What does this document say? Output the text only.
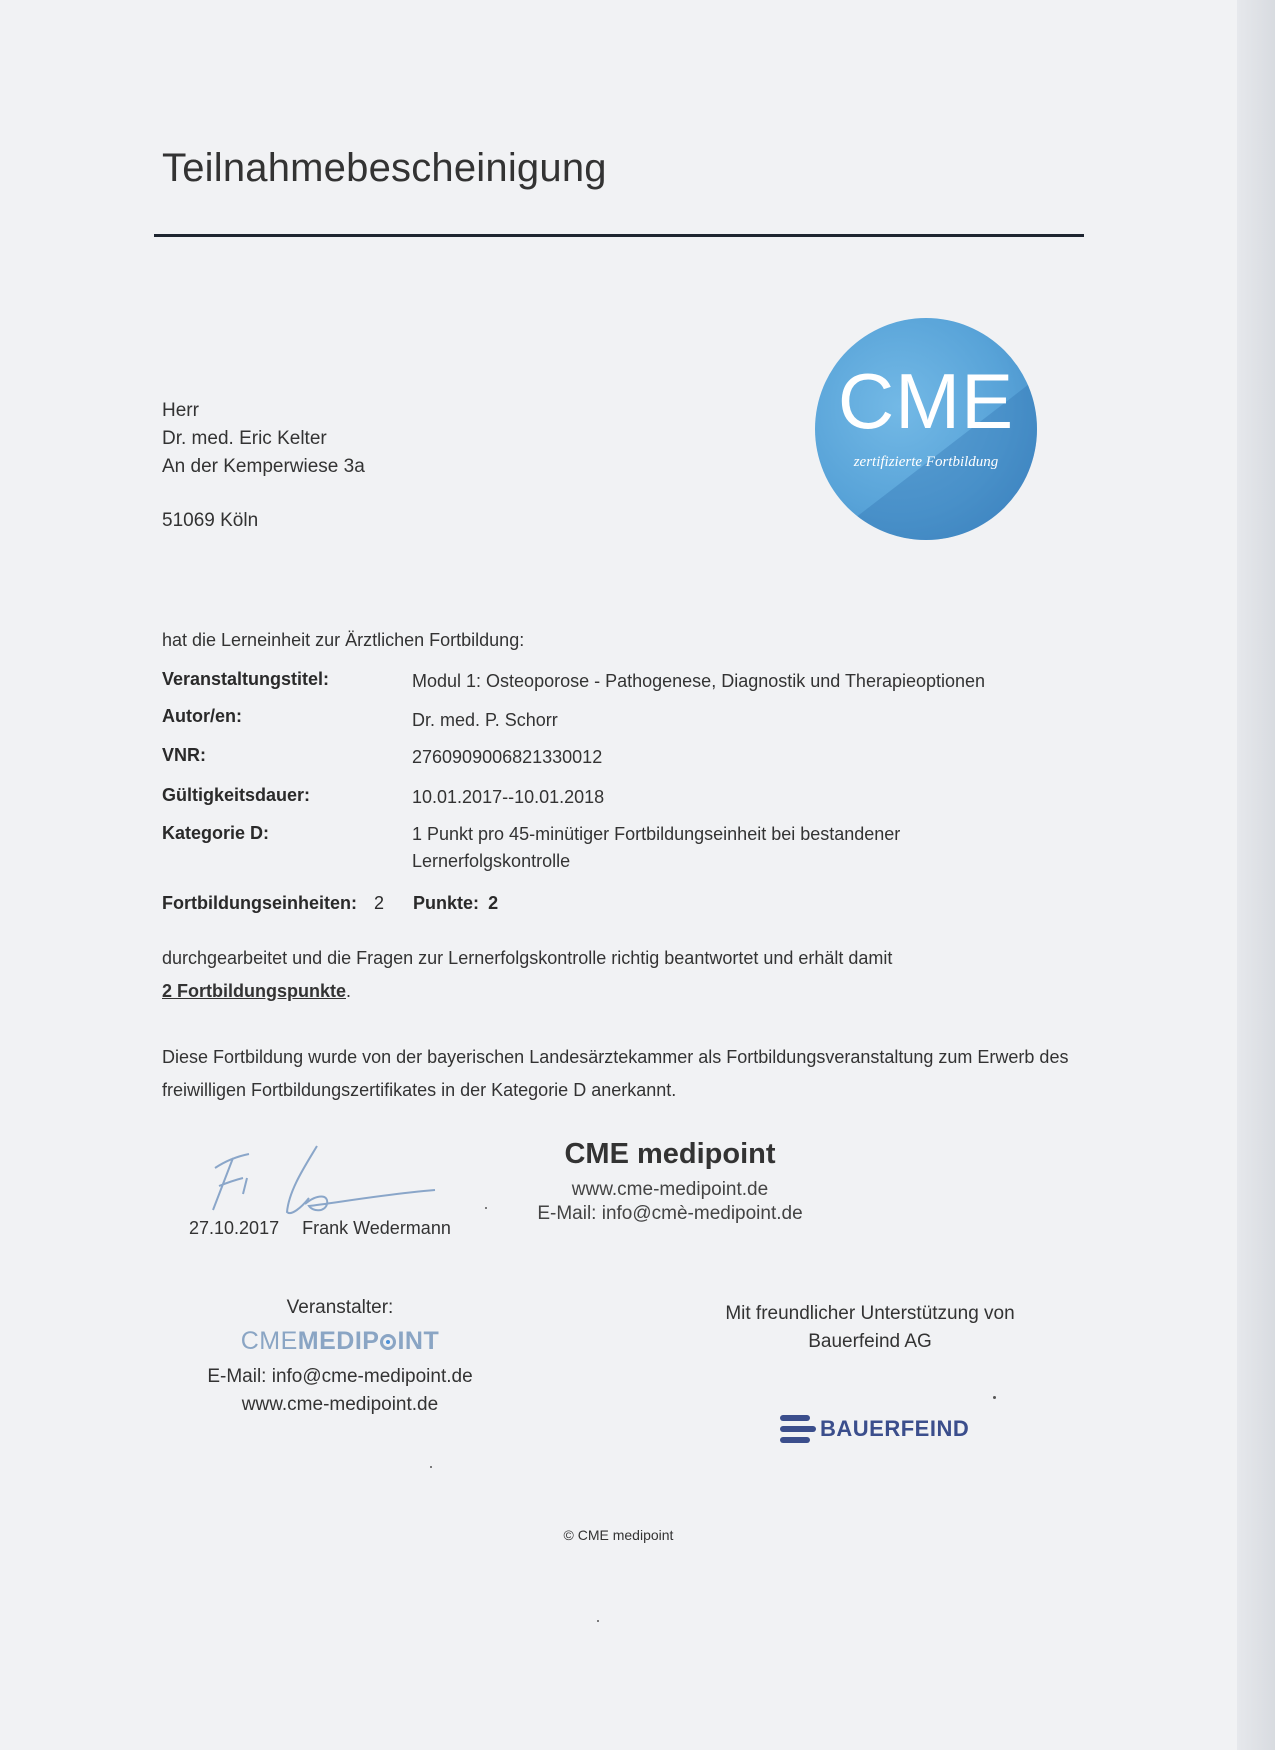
Teilnahmebescheinigung
Herr
Dr. med. Eric Kelter
An der Kemperwiese 3a
51069 Köln
CME
zertifizierte Fortbildung
hat die Lerneinheit zur Ärztlichen Fortbildung:
Veranstaltungstitel:	Modul 1: Osteoporose - Pathogenese, Diagnostik und Therapieoptionen
Autor/en:	Dr. med. P. Schorr
VNR:	2760909006821330012
Gültigkeitsdauer:	10.01.2017--10.01.2018
Kategorie D:	1 Punkt pro 45-minütiger Fortbildungseinheit bei bestandener Lernerfolgskontrolle
Fortbildungseinheiten: 2 Punkte: 2
durchgearbeitet und die Fragen zur Lernerfolgskontrolle richtig beantwortet und erhält damit
2 Fortbildungspunkte.
Diese Fortbildung wurde von der bayerischen Landesärztekammer als Fortbildungsveranstaltung zum Erwerb des freiwilligen Fortbildungszertifikates in der Kategorie D anerkannt.
27.10.2017 Frank Wedermann
CME medipoint
www.cme-medipoint.de
E-Mail: info@cmè-medipoint.de
Veranstalter:
CMEMEDIP INT
E-Mail: info@cme-medipoint.de
www.cme-medipoint.de
Mit freundlicher Unterstützung von
Bauerfeind AG
BAUERFEIND
© CME medipoint
